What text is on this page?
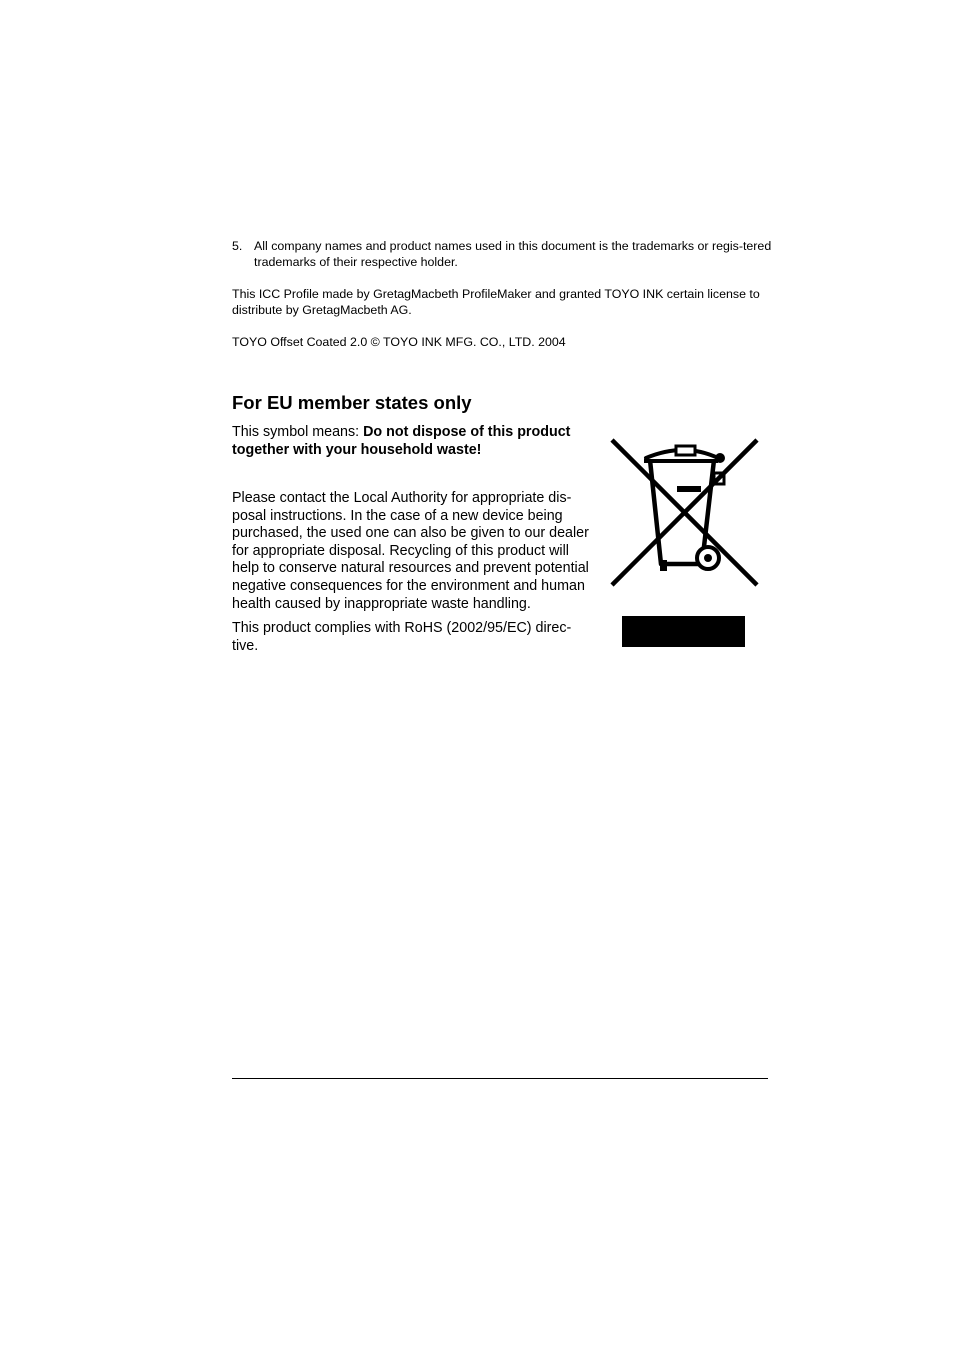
5. All company names and product names used in this document is the trademarks or regis-tered trademarks of their respective holder.

This ICC Profile made by GretagMacbeth ProfileMaker and granted TOYO INK certain license to distribute by GretagMacbeth AG.

TOYO Offset Coated 2.0 © TOYO INK MFG. CO., LTD. 2004

For EU member states only

This symbol means: Do not dispose of this product together with your household waste!

Please contact the Local Authority for appropriate dis-posal instructions. In the case of a new device being purchased, the used one can also be given to our dealer for appropriate disposal. Recycling of this product will help to conserve natural resources and prevent potential negative consequences for the environment and human health caused by inappropriate waste handling.

This product complies with RoHS (2002/95/EC) direc-tive.
